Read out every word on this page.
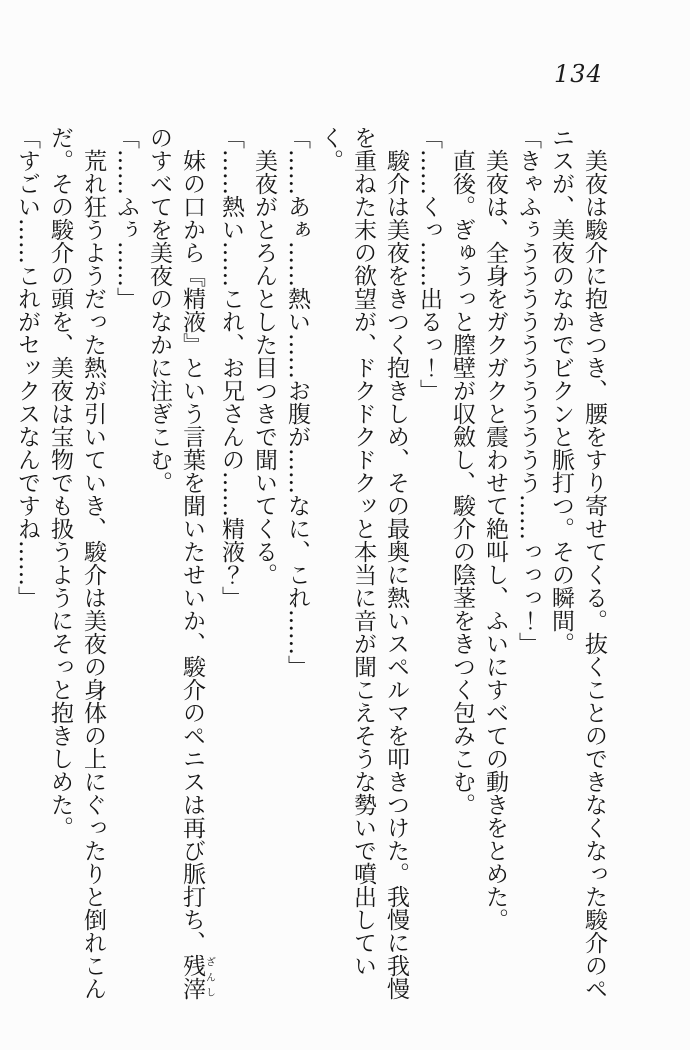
134

美夜は駿介に抱きつき、腰をすり寄せてくる。抜くことのできなくなった駿介のペニスが、美夜のなかでビクンと脈打つ。その瞬間。

「きゃふぅううううううううううう……っっっ！」

美夜は、全身をガクガクと震わせて絶叫し、ふいにすべての動きをとめた。

直後。ぎゅうっと膣壁が収斂し、駿介の陰茎をきつく包みこむ。

「……くっ……出るっ！」

駿介は美夜をきつく抱きしめ、その最奥に熱いスペルマを叩きつけた。我慢に我慢を重ねた末の欲望が、ドクドクドクッと本当に音が聞こえそうな勢いで噴出していく。

「……あぁ……熱い……お腹が……なに、これ……」

美夜がとろんとした目つきで聞いてくる。

「……熱い……これ、お兄さんの……精液？」

妹の口から『精液』という言葉を聞いたせいか、駿介のペニスは再び脈打ち、残滓ざんしのすべてを美夜のなかに注ぎこむ。

「……ふぅ……」

荒れ狂うようだった熱が引いていき、駿介は美夜の身体の上にぐったりと倒れこんだ。その駿介の頭を、美夜は宝物でも扱うようにそっと抱きしめた。

「すごい……これがセックスなんですね……」
